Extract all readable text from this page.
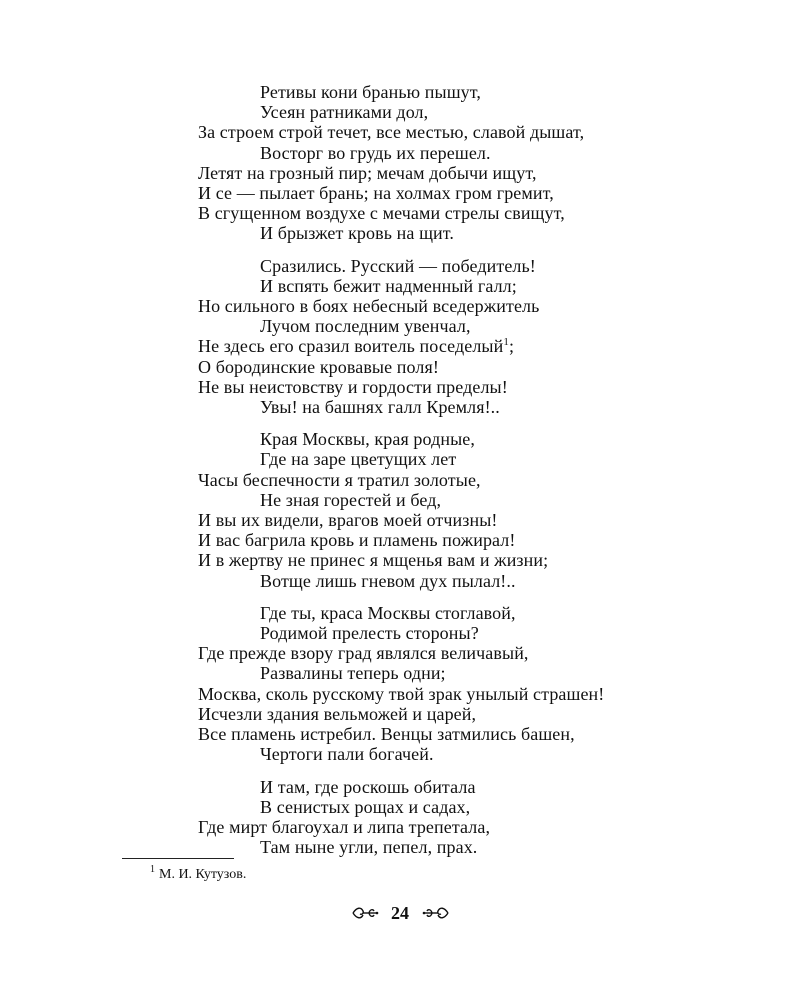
Ретивы кони бранью пышут,
Усеян ратниками дол,
За строем строй течет, все местью, славой дышат,
Восторг во грудь их перешел.
Летят на грозный пир; мечам добычи ищут,
И се — пылает брань; на холмах гром гремит,
В сгущенном воздухе с мечами стрелы свищут,
И брызжет кровь на щит.
Сразились. Русский — победитель!
И вспять бежит надменный галл;
Но сильного в боях небесный вседержитель
Лучом последним увенчал,
Не здесь его сразил воитель поседелый$^1$;
О бородинские кровавые поля!
Не вы неистовству и гордости пределы!
Увы! на башнях галл Кремля!..
Края Москвы, края родные,
Где на заре цветущих лет
Часы беспечности я тратил золотые,
Не зная горестей и бед,
И вы их видели, врагов моей отчизны!
И вас багрила кровь и пламень пожирал!
И в жертву не принес я мщенья вам и жизни;
Вотще лишь гневом дух пылал!..
Где ты, краса Москвы стоглавой,
Родимой прелесть стороны?
Где прежде взору град являлся величавый,
Развалины теперь одни;
Москва, сколь русскому твой зрак унылый страшен!
Исчезли здания вельможей и царей,
Все пламень истребил. Венцы затмились башен,
Чертоги пали богачей.
И там, где роскошь обитала
В сенистых рощах и садах,
Где мирт благоухал и липа трепетала,
Там ныне угли, пепел, прах.
$^1$ М. И. Кутузов.
24
